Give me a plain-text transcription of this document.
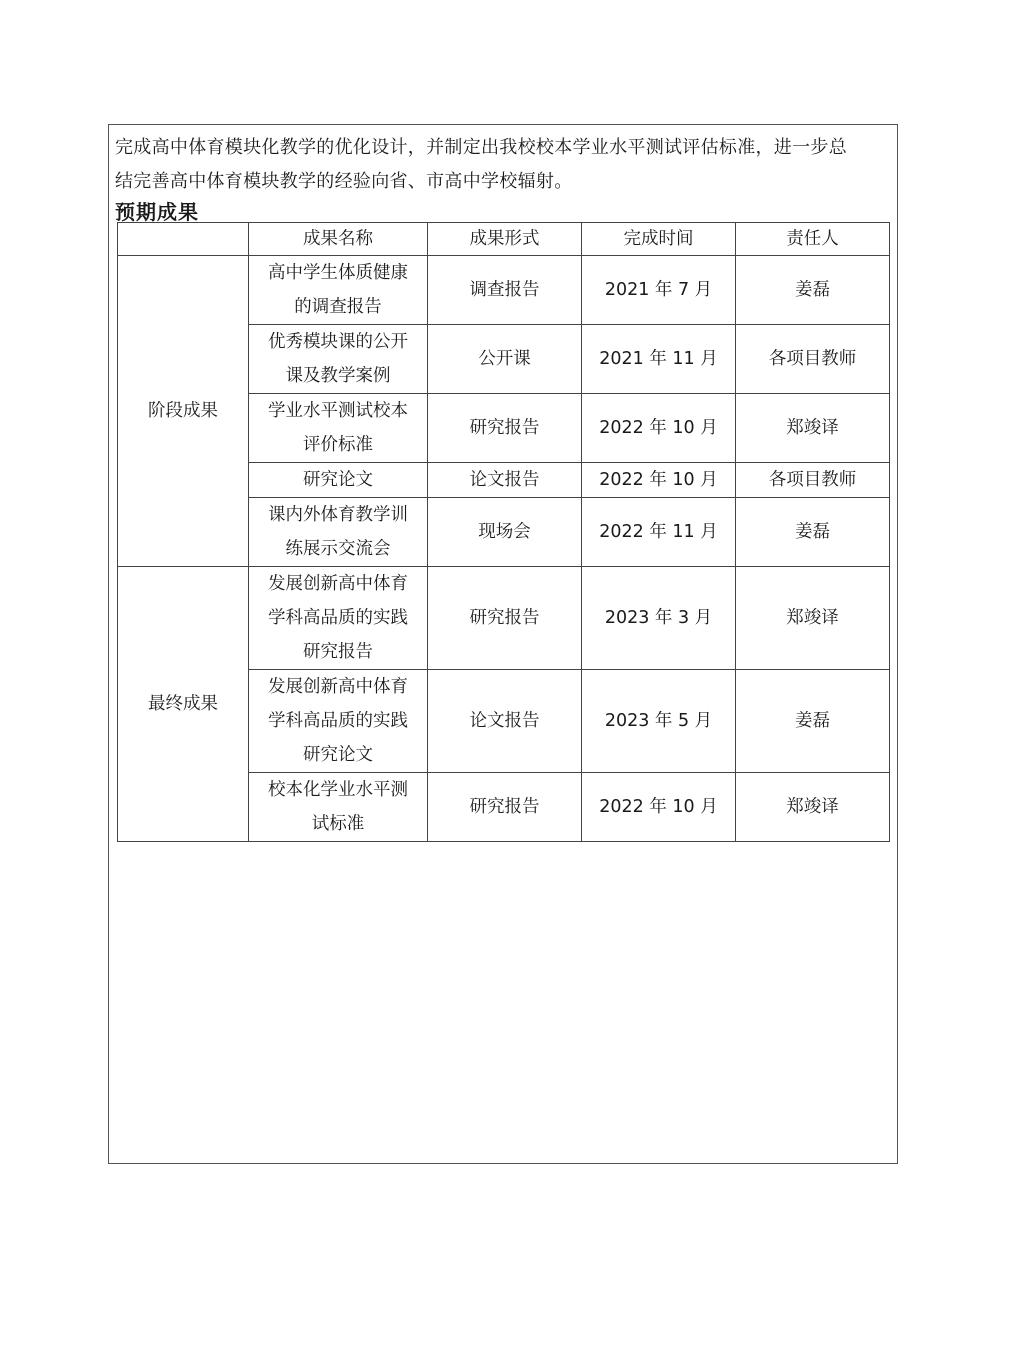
完成高中体育模块化教学的优化设计，并制定出我校校本学业水平测试评估标准，进一步总

结完善高中体育模块教学的经验向省、市高中学校辐射。

预期成果
	成果名称	成果形式	完成时间	责任人
阶段成果	高中学生体质健康的调查报告	调查报告	2021 年 7 月	姜磊
	优秀模块课的公开课及教学案例	公开课	2021 年 11 月	各项目教师
	学业水平测试校本评价标准	研究报告	2022 年 10 月	郑竣译
	研究论文	论文报告	2022 年 10 月	各项目教师
	课内外体育教学训练展示交流会	现场会	2022 年 11 月	姜磊
最终成果	发展创新高中体育学科高品质的实践研究报告	研究报告	2023 年 3 月	郑竣译
	发展创新高中体育学科高品质的实践研究论文	论文报告	2023 年 5 月	姜磊
	校本化学业水平测试标准	研究报告	2022 年 10 月	郑竣译
